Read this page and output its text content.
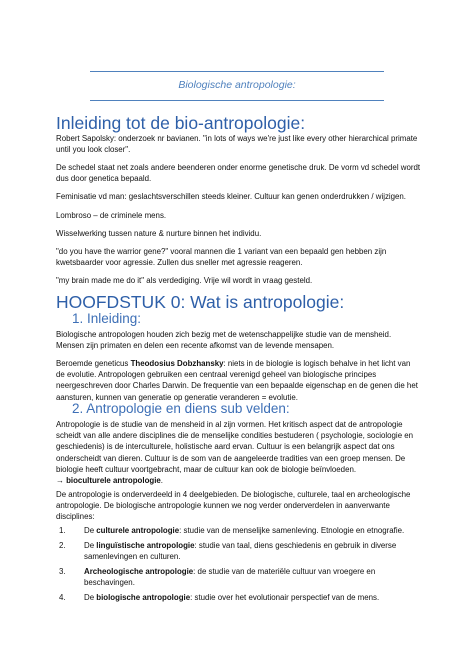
Biologische antropologie:
Inleiding tot de bio-antropologie:
Robert Sapolsky: onderzoek nr bavianen. "in lots of ways we're just like every other hierarchical primate until you look closer".
De schedel staat net zoals andere beenderen onder enorme genetische druk. De vorm vd schedel wordt dus door genetica bepaald.
Feminisatie vd man: geslachtsverschillen steeds kleiner. Cultuur kan genen onderdrukken / wijzigen.
Lombroso – de criminele mens.
Wisselwerking tussen nature & nurture binnen het individu.
"do you have the warrior gene?" vooral mannen die 1 variant van een bepaald gen hebben zijn kwetsbaarder voor agressie. Zullen dus sneller met agressie reageren.
"my brain made me do it" als verdediging. Vrije wil wordt in vraag gesteld.
HOOFDSTUK 0: Wat is antropologie:
1. Inleiding:
Biologische antropologen houden zich bezig met de wetenschappelijke studie van de mensheid. Mensen zijn primaten en delen een recente afkomst van de levende mensapen.
Beroemde geneticus Theodosius Dobzhansky: niets in de biologie is logisch behalve in het licht van de evolutie. Antropologen gebruiken een centraal verenigd geheel van biologische principes neergeschreven door Charles Darwin. De frequentie van een bepaalde eigenschap en de genen die het aansturen, kunnen van generatie op generatie veranderen = evolutie.
2. Antropologie en diens sub velden:
Antropologie is de studie van de mensheid in al zijn vormen. Het kritisch aspect dat de antropologie scheidt van alle andere disciplines die de menselijke condities bestuderen ( psychologie, sociologie en geschiedenis) is de interculturele, holistische aard ervan. Cultuur is een belangrijk aspect dat ons onderscheidt van dieren. Cultuur is de som van de aangeleerde tradities van een groep mensen. De biologie heeft cultuur voortgebracht, maar de cultuur kan ook de biologie beïnvloeden.
→ bioculturele antropologie.
De antropologie is onderverdeeld in 4 deelgebieden. De biologische, culturele, taal en archeologische antropologie. De biologische antropologie kunnen we nog verder onderverdelen in aanverwante disciplines:
1. De culturele antropologie: studie van de menselijke samenleving. Etnologie en etnografie.
2. De linguïstische antropologie: studie van taal, diens geschiedenis en gebruik in diverse samenlevingen en culturen.
3. Archeologische antropologie: de studie van de materiële cultuur van vroegere en beschavingen.
4. De biologische antropologie: studie over het evolutionair perspectief van de mens.
